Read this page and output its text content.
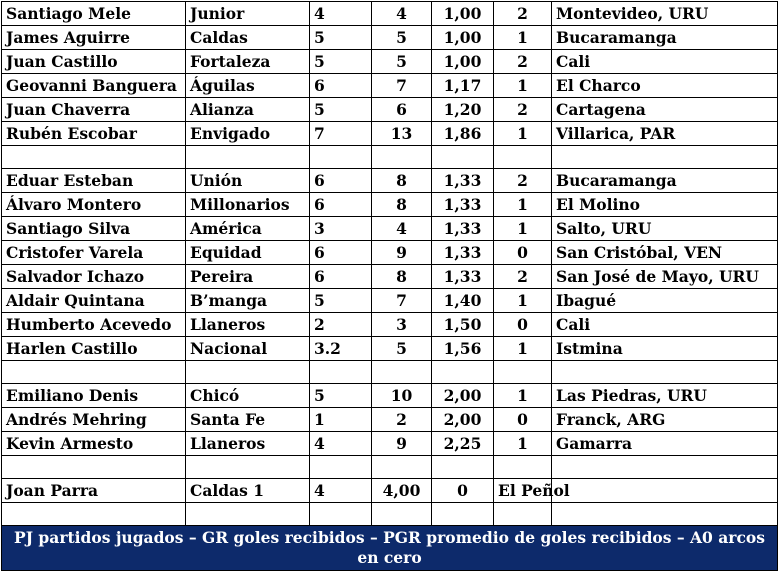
Santiago Mele	Junior	4	4	1,00	2	Montevideo, URU
James Aguirre	Caldas	5	5	1,00	1	Bucaramanga
Juan Castillo	Fortaleza	5	5	1,00	2	Cali
Geovanni Banguera	Águilas	6	7	1,17	1	El Charco
Juan Chaverra	Alianza	5	6	1,20	2	Cartagena
Rubén Escobar	Envigado	7	13	1,86	1	Villarica, PAR

Eduar Esteban	Unión	6	8	1,33	2	Bucaramanga
Álvaro Montero	Millonarios	6	8	1,33	1	El Molino
Santiago Silva	América	3	4	1,33	1	Salto, URU
Cristofer Varela	Equidad	6	9	1,33	0	San Cristóbal, VEN
Salvador Ichazo	Pereira	6	8	1,33	2	San José de Mayo, URU
Aldair Quintana	B’manga	5	7	1,40	1	Ibagué
Humberto Acevedo	Llaneros	2	3	1,50	0	Cali
Harlen Castillo	Nacional	3.2	5	1,56	1	Istmina

Emiliano Denis	Chicó	5	10	2,00	1	Las Piedras, URU
Andrés Mehring	Santa Fe	1	2	2,00	0	Franck, ARG
Kevin Armesto	Llaneros	4	9	2,25	1	Gamarra

Joan Parra	Caldas 1	4	4,00	0	El Peñol	

PJ partidos jugados – GR goles recibidos – PGR promedio de goles recibidos – A0 arcos en cero						
